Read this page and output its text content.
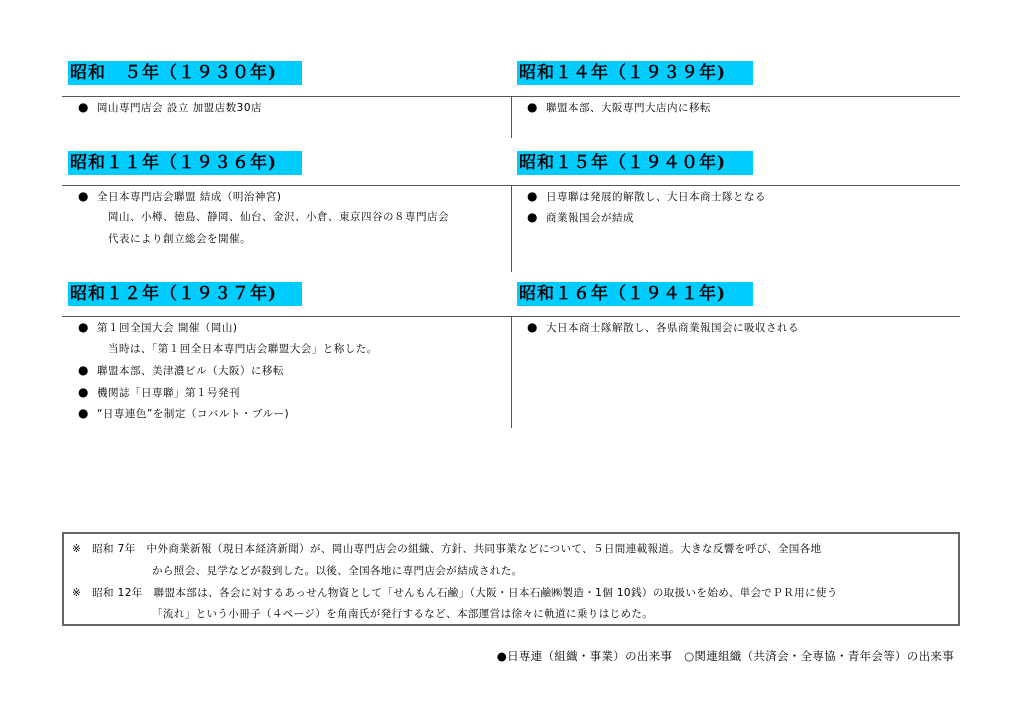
昭和　５年（１９３０年)
● 岡山専門店会 設立 加盟店数30店
昭和１１年（１９３６年)
● 全日本専門店会聯盟 結成（明治神宮)
岡山、小樽、徳島、静岡、仙台、金沢、小倉、東京四谷の８専門店会
代表により創立総会を開催。
昭和１２年（１９３７年)
● 第１回全国大会 開催（岡山)
当時は、「第１回全日本専門店会聯盟大会」と称した。
● 聯盟本部、美津濃ビル（大阪）に移転
● 機関誌「日専聯」第１号発刊
● “日専連色”を制定（コバルト・ブルー)
昭和１４年（１９３９年)
● 聯盟本部、大阪専門大店内に移転
昭和１５年（１９４０年)
● 日専聯は発展的解散し、大日本商士隊となる
● 商業報国会が結成
昭和１６年（１９４１年)
● 大日本商士隊解散し、各県商業報国会に吸収される
※　昭和 7年　中外商業新報（現日本経済新聞）が、岡山専門店会の組織、方針、共同事業などについて、５日間連載報道。大きな反響を呼び、全国各地
から照会、見学などが殺到した。以後、全国各地に専門店会が結成された。
※　昭和 12年　聯盟本部は、各会に対するあっせん物資として「せんもん石鹼」（大阪・日本石鹼㈱製造・1個 10銭）の取扱いを始め、単会でＰＲ用に使う
「流れ」という小冊子（４ページ）を角南氏が発行するなど、本部運営は徐々に軌道に乗りはじめた。
●日専連（組織・事業）の出来事　○関連組織（共済会・全専協・青年会等）の出来事
